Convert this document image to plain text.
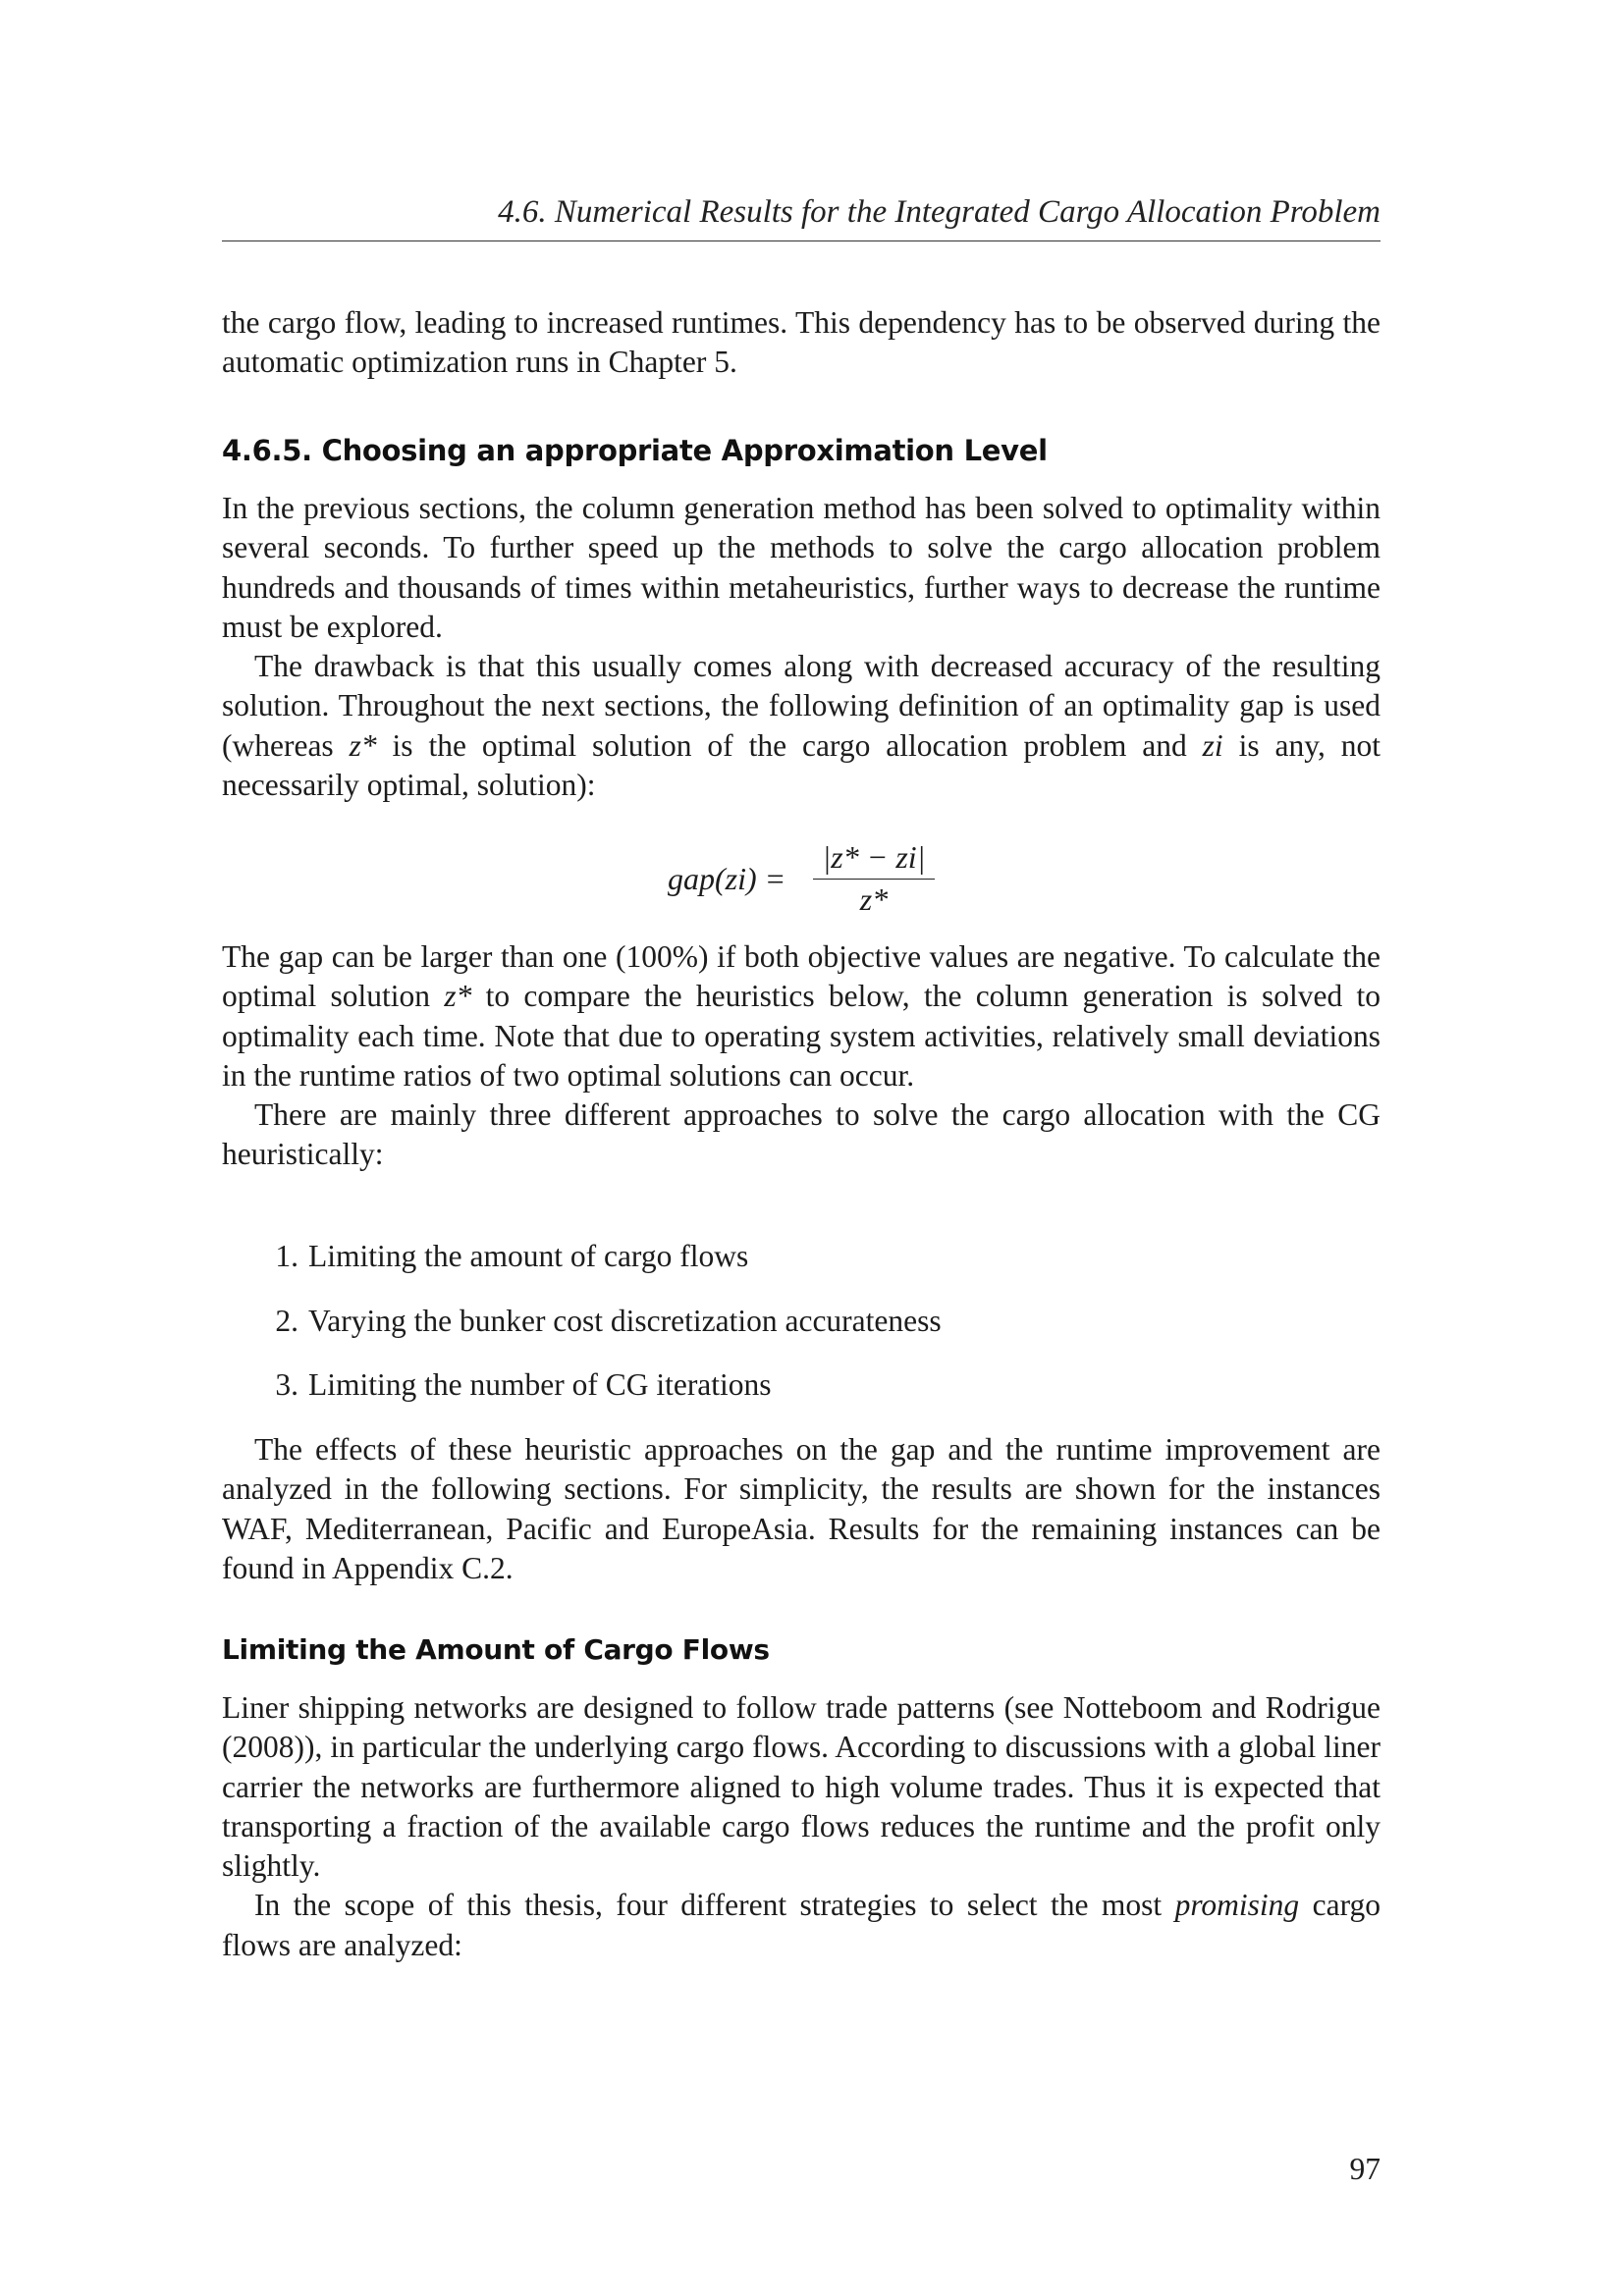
4.6. Numerical Results for the Integrated Cargo Allocation Problem

the cargo flow, leading to increased runtimes. This dependency has to be observed during the automatic optimization runs in Chapter 5.

4.6.5. Choosing an appropriate Approximation Level

In the previous sections, the column generation method has been solved to optimality within several seconds. To further speed up the methods to solve the cargo allocation problem hundreds and thousands of times within metaheuristics, further ways to decrease the runtime must be explored.

The drawback is that this usually comes along with decreased accuracy of the resulting solution. Throughout the next sections, the following definition of an optimality gap is used (whereas z* is the optimal solution of the cargo allocation problem and zi is any, not necessarily optimal, solution):

gap(zi) =
|z* − zi|
z*

The gap can be larger than one (100%) if both objective values are negative. To calculate the optimal solution z* to compare the heuristics below, the column generation is solved to optimality each time. Note that due to operating system activities, relatively small deviations in the runtime ratios of two optimal solutions can occur.

There are mainly three different approaches to solve the cargo allocation with the CG heuristically:

1. Limiting the amount of cargo flows
2. Varying the bunker cost discretization accurateness
3. Limiting the number of CG iterations

The effects of these heuristic approaches on the gap and the runtime improvement are analyzed in the following sections. For simplicity, the results are shown for the instances WAF, Mediterranean, Pacific and EuropeAsia. Results for the remaining instances can be found in Appendix C.2.

Limiting the Amount of Cargo Flows

Liner shipping networks are designed to follow trade patterns (see Notteboom and Rodrigue (2008)), in particular the underlying cargo flows. According to discussions with a global liner carrier the networks are furthermore aligned to high volume trades. Thus it is expected that transporting a fraction of the available cargo flows reduces the runtime and the profit only slightly.

In the scope of this thesis, four different strategies to select the most promising cargo flows are analyzed:

97
